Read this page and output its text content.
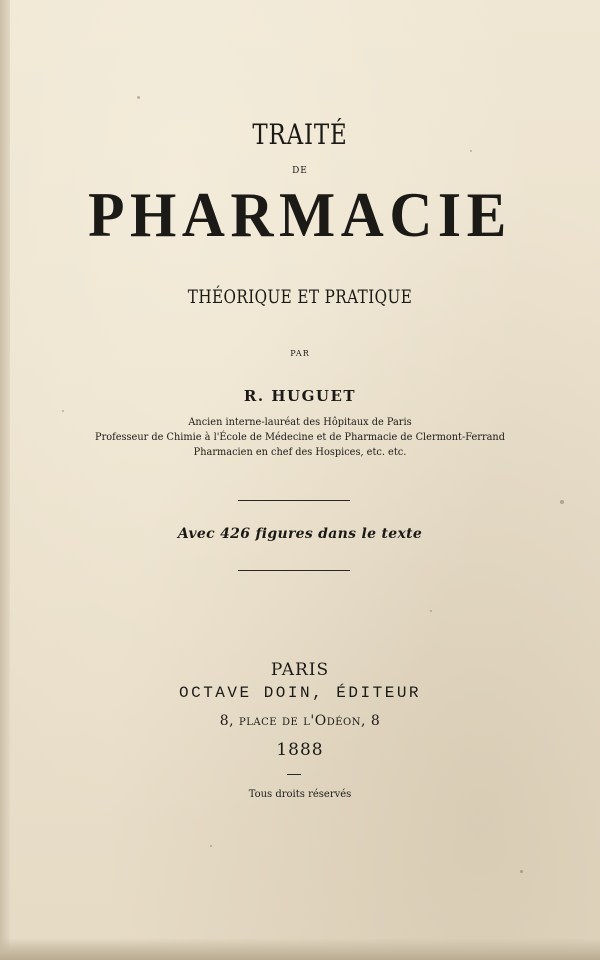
TRAITÉ
DE
PHARMACIE
THÉORIQUE ET PRATIQUE
PAR
R. HUGUET
Ancien interne-lauréat des Hôpitaux de Paris
Professeur de Chimie à l'École de Médecine et de Pharmacie de Clermont-Ferrand
Pharmacien en chef des Hospices, etc. etc.
Avec 426 figures dans le texte
PARIS
OCTAVE DOIN, ÉDITEUR
8, place de l'Odéon, 8
1888
Tous droits réservés
